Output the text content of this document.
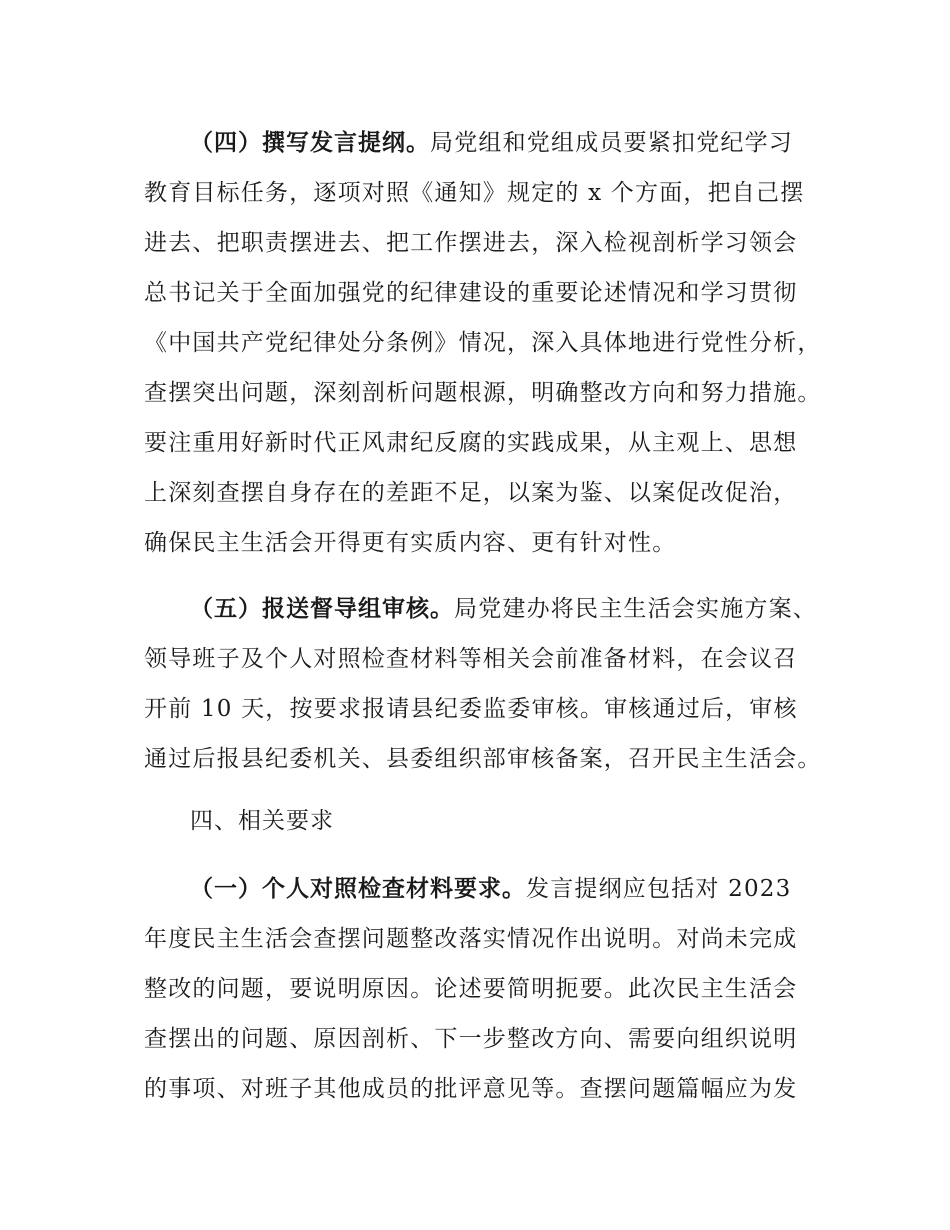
（四）撰写发言提纲。局党组和党组成员要紧扣党纪学习
教育目标任务，逐项对照《通知》规定的 x 个方面，把自己摆
进去、把职责摆进去、把工作摆进去，深入检视剖析学习领会
总书记关于全面加强党的纪律建设的重要论述情况和学习贯彻
《中国共产党纪律处分条例》情况，深入具体地进行党性分析，
查摆突出问题，深刻剖析问题根源，明确整改方向和努力措施。
要注重用好新时代正风肃纪反腐的实践成果，从主观上、思想
上深刻查摆自身存在的差距不足，以案为鉴、以案促改促治，
确保民主生活会开得更有实质内容、更有针对性。
（五）报送督导组审核。局党建办将民主生活会实施方案、
领导班子及个人对照检查材料等相关会前准备材料，在会议召
开前 10 天，按要求报请县纪委监委审核。审核通过后，审核
通过后报县纪委机关、县委组织部审核备案，召开民主生活会。
四、相关要求
（一）个人对照检查材料要求。发言提纲应包括对 2023
年度民主生活会查摆问题整改落实情况作出说明。对尚未完成
整改的问题，要说明原因。论述要简明扼要。此次民主生活会
查摆出的问题、原因剖析、下一步整改方向、需要向组织说明
的事项、对班子其他成员的批评意见等。查摆问题篇幅应为发
